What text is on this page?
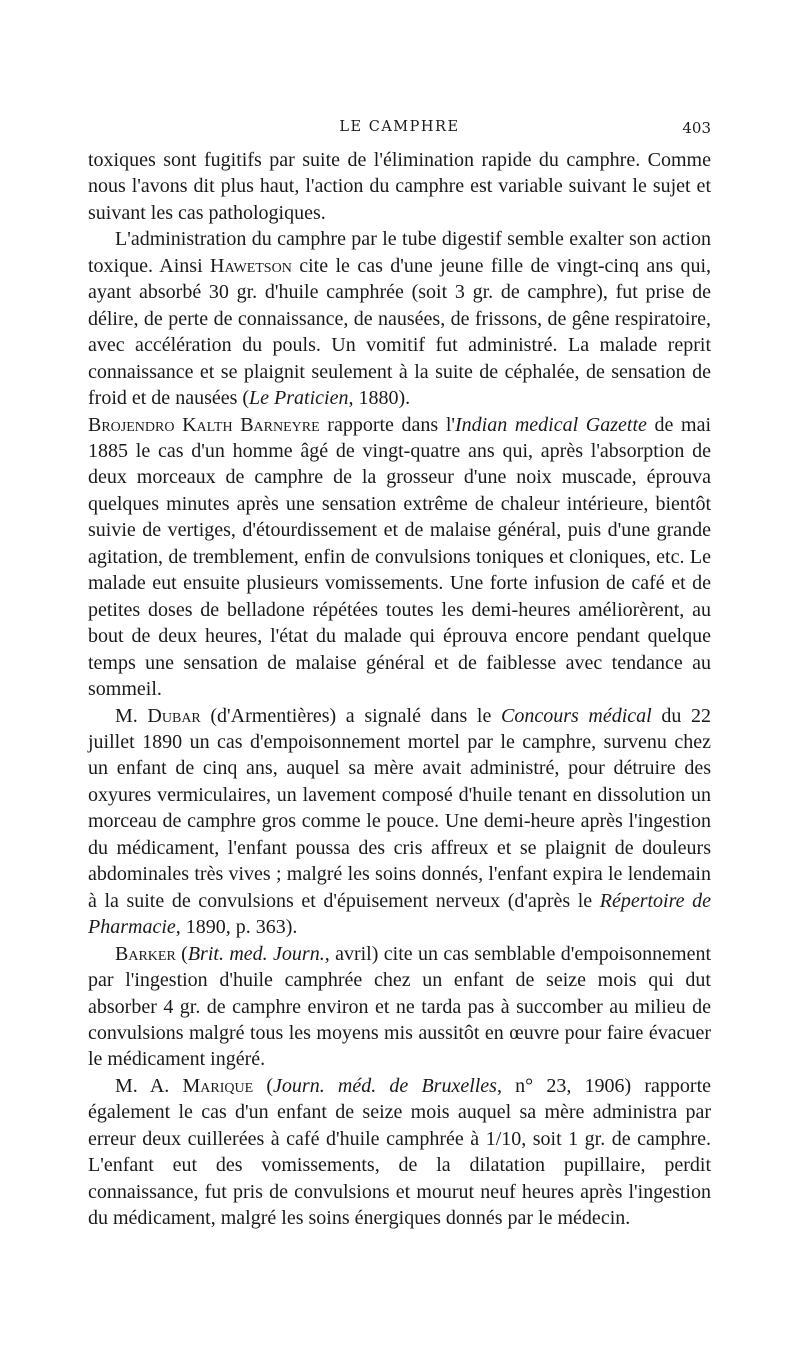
LE CAMPHRE	403

toxiques sont fugitifs par suite de l'élimination rapide du camphre. Comme nous l'avons dit plus haut, l'action du camphre est variable suivant le sujet et suivant les cas pathologiques.

L'administration du camphre par le tube digestif semble exalter son action toxique. Ainsi Hawetson cite le cas d'une jeune fille de vingt-cinq ans qui, ayant absorbé 30 gr. d'huile camphrée (soit 3 gr. de camphre), fut prise de délire, de perte de connaissance, de nausées, de frissons, de gêne respiratoire, avec accélération du pouls. Un vomitif fut administré. La malade reprit connaissance et se plaignit seulement à la suite de céphalée, de sensation de froid et de nausées (Le Praticien, 1880).

Brojendro Kalth Barneyre rapporte dans l'Indian medical Gazette de mai 1885 le cas d'un homme âgé de vingt-quatre ans qui, après l'absorption de deux morceaux de camphre de la grosseur d'une noix muscade, éprouva quelques minutes après une sensation extrême de chaleur intérieure, bientôt suivie de vertiges, d'étourdissement et de malaise général, puis d'une grande agitation, de tremblement, enfin de convulsions toniques et cloniques, etc. Le malade eut ensuite plusieurs vomissements. Une forte infusion de café et de petites doses de belladone répétées toutes les demi-heures améliorèrent, au bout de deux heures, l'état du malade qui éprouva encore pendant quelque temps une sensation de malaise général et de faiblesse avec tendance au sommeil.

M. Dubar (d'Armentières) a signalé dans le Concours médical du 22 juillet 1890 un cas d'empoisonnement mortel par le camphre, survenu chez un enfant de cinq ans, auquel sa mère avait administré, pour détruire des oxyures vermiculaires, un lavement composé d'huile tenant en dissolution un morceau de camphre gros comme le pouce. Une demi-heure après l'ingestion du médicament, l'enfant poussa des cris affreux et se plaignit de douleurs abdominales très vives ; malgré les soins donnés, l'enfant expira le lendemain à la suite de convulsions et d'épuisement nerveux (d'après le Répertoire de Pharmacie, 1890, p. 363).

Barker (Brit. med. Journ., avril) cite un cas semblable d'empoisonnement par l'ingestion d'huile camphrée chez un enfant de seize mois qui dut absorber 4 gr. de camphre environ et ne tarda pas à succomber au milieu de convulsions malgré tous les moyens mis aussitôt en œuvre pour faire évacuer le médicament ingéré.

M. A. Marique (Journ. méd. de Bruxelles, n° 23, 1906) rapporte également le cas d'un enfant de seize mois auquel sa mère administra par erreur deux cuillerées à café d'huile camphrée à 1/10, soit 1 gr. de camphre. L'enfant eut des vomissements, de la dilatation pupillaire, perdit connaissance, fut pris de convulsions et mourut neuf heures après l'ingestion du médicament, malgré les soins énergiques donnés par le médecin.
